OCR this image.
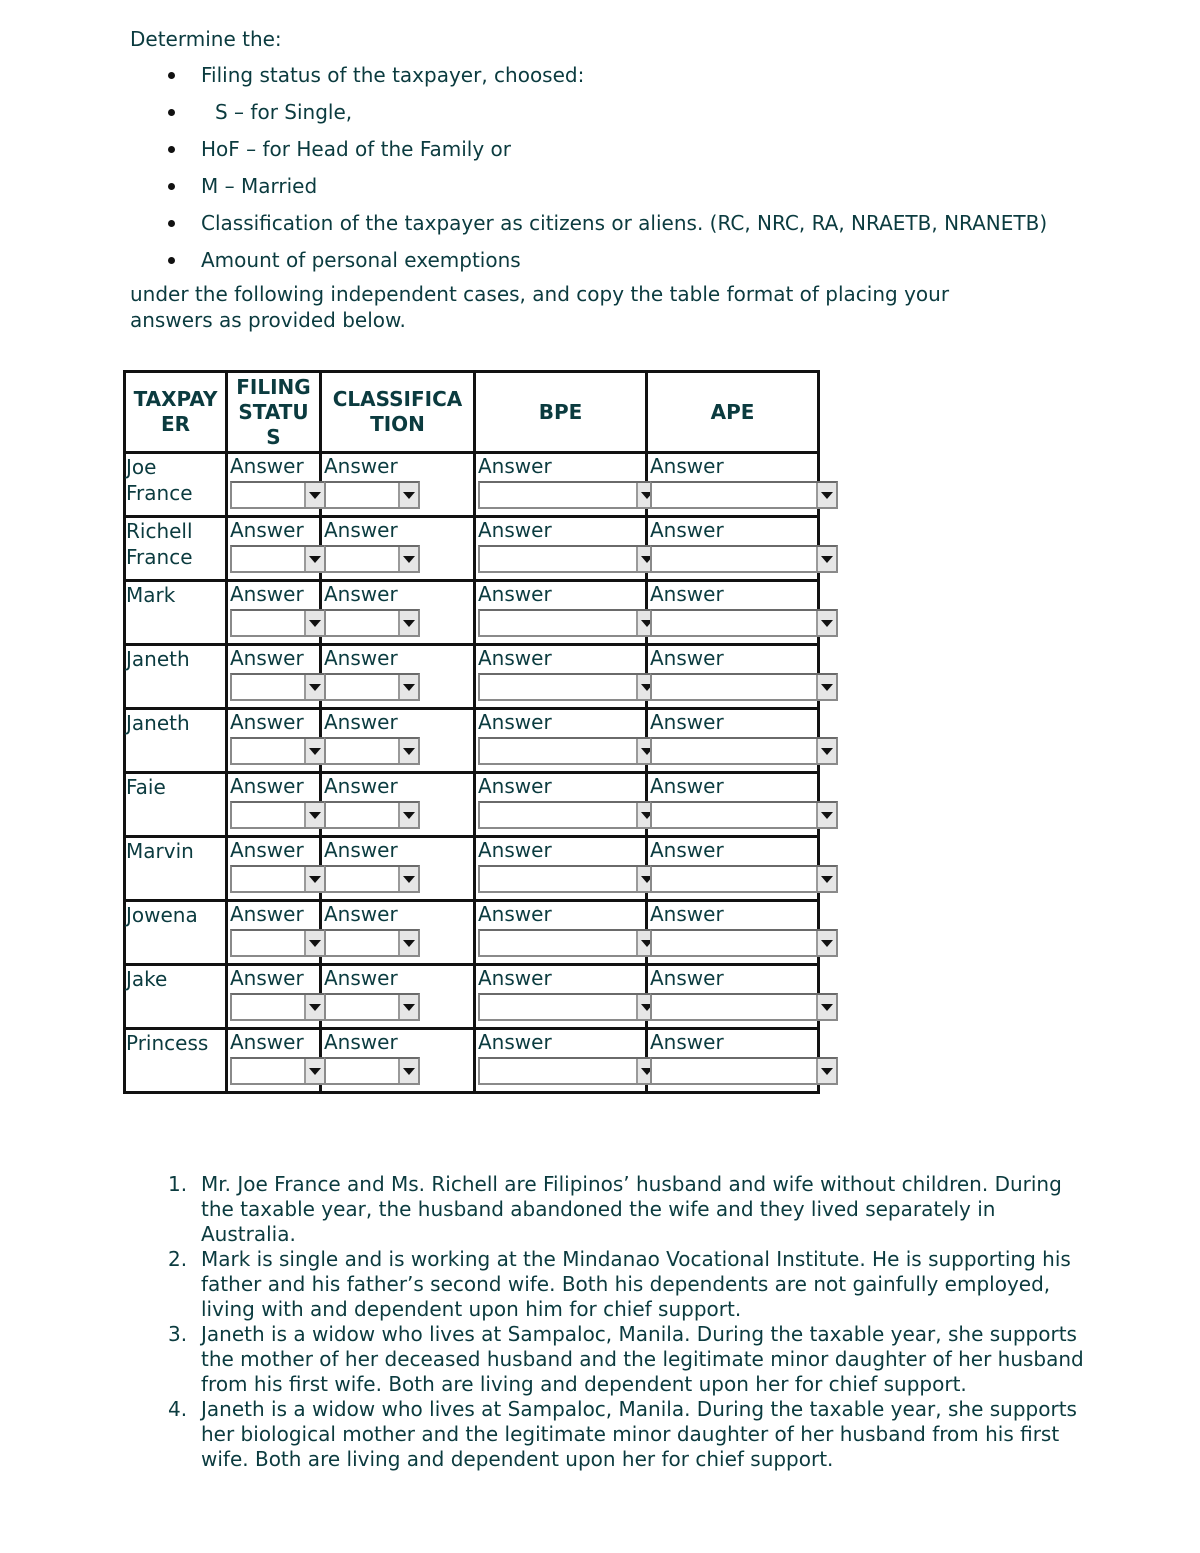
Determine the:

Filing status of the taxpayer, choosed:
S – for Single,
HoF – for Head of the Family or
M – Married
Classification of the taxpayer as citizens or aliens. (RC, NRC, RA, NRAETB, NRANETB)
Amount of personal exemptions

under the following independent cases, and copy the table format of placing your answers as provided below.

TAXPAY ER	FILING STATU S	CLASSIFICA TION	BPE	APE
Joe France	Answer	Answer	Answer	Answer

Richell France	Answer	Answer	Answer	Answer

Mark	Answer	Answer	Answer	Answer

Janeth	Answer	Answer	Answer	Answer

Janeth	Answer	Answer	Answer	Answer

Faie	Answer	Answer	Answer	Answer

Marvin	Answer	Answer	Answer	Answer

Jowena	Answer	Answer	Answer	Answer

Jake	Answer	Answer	Answer	Answer

Princess	Answer	Answer	Answer	Answer
1. Mr. Joe France and Ms. Richell are Filipinos’ husband and wife without children. During the taxable year, the husband abandoned the wife and they lived separately in Australia.
2. Mark is single and is working at the Mindanao Vocational Institute. He is supporting his father and his father’s second wife. Both his dependents are not gainfully employed, living with and dependent upon him for chief support.
3. Janeth is a widow who lives at Sampaloc, Manila. During the taxable year, she supports the mother of her deceased husband and the legitimate minor daughter of her husband from his first wife. Both are living and dependent upon her for chief support.
4. Janeth is a widow who lives at Sampaloc, Manila. During the taxable year, she supports her biological mother and the legitimate minor daughter of her husband from his first wife. Both are living and dependent upon her for chief support.
